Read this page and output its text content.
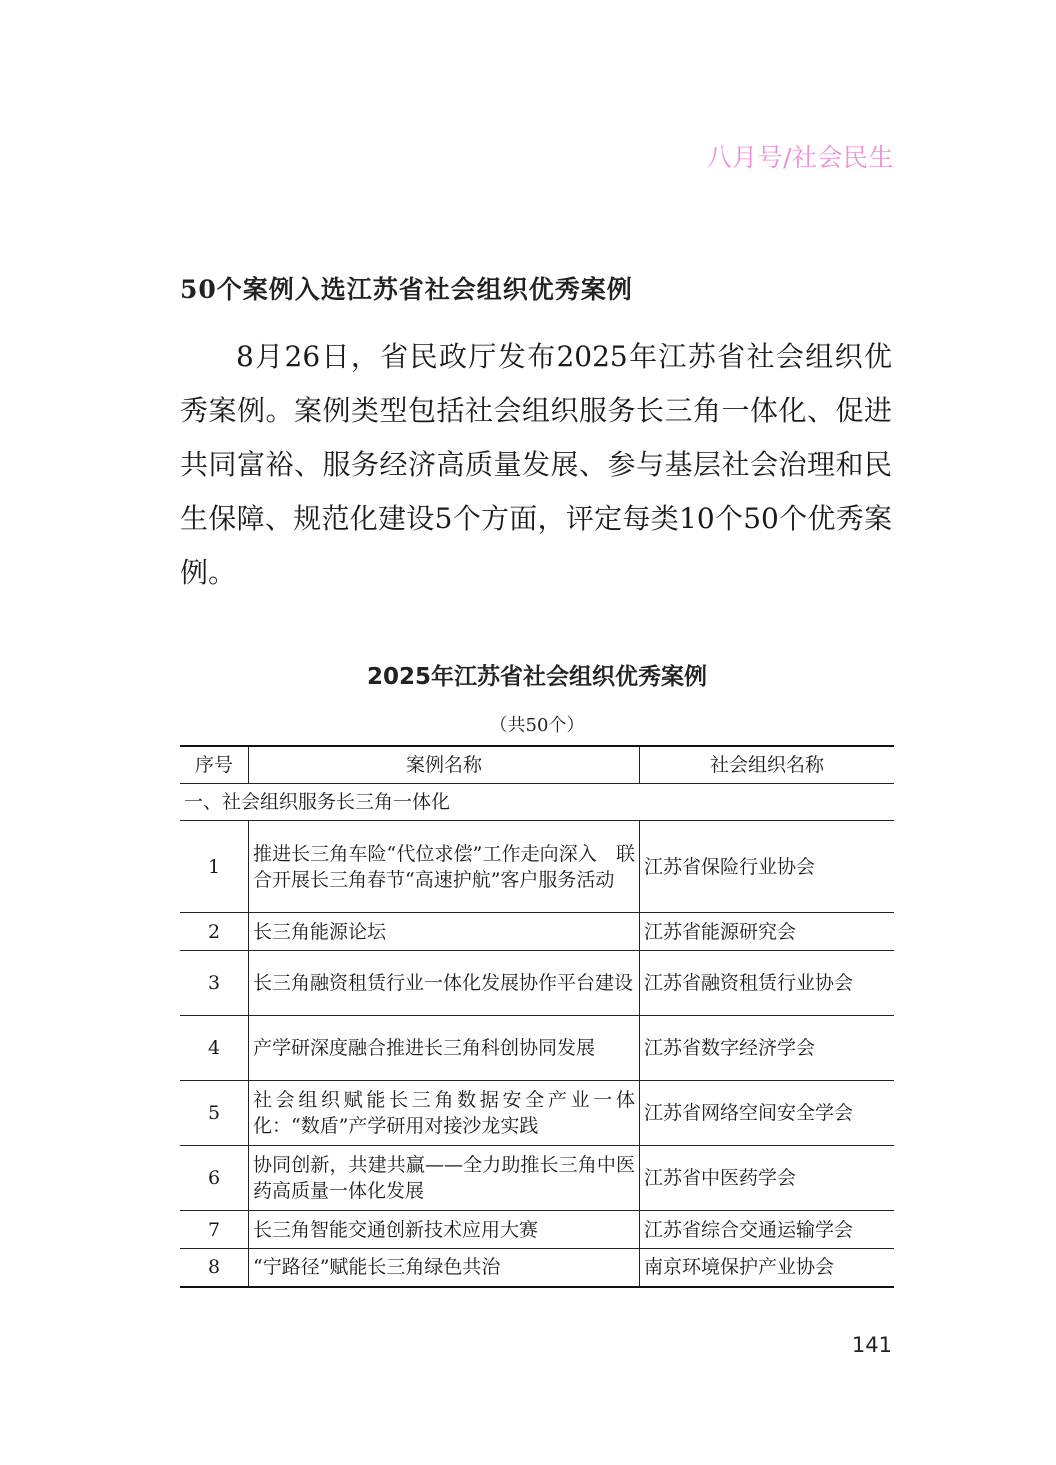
八月号/社会民生
50个案例入选江苏省社会组织优秀案例

8月26日，省民政厅发布2025年江苏省社会组织优秀案例。案例类型包括社会组织服务长三角一体化、促进共同富裕、服务经济高质量发展、参与基层社会治理和民生保障、规范化建设5个方面，评定每类10个50个优秀案例。

2025年江苏省社会组织优秀案例
（共50个）
序号	案例名称	社会组织名称
一、社会组织服务长三角一体化		
1	推进长三角车险“代位求偿”工作走向深入　联合开展长三角春节“高速护航”客户服务活动	江苏省保险行业协会
2	长三角能源论坛	江苏省能源研究会
3	长三角融资租赁行业一体化发展协作平台建设	江苏省融资租赁行业协会
4	产学研深度融合推进长三角科创协同发展	江苏省数字经济学会
5	社会组织赋能长三角数据安全产业一体化：“数盾”产学研用对接沙龙实践	江苏省网络空间安全学会
6	协同创新，共建共赢——全力助推长三角中医药高质量一体化发展	江苏省中医药学会
7	长三角智能交通创新技术应用大赛	江苏省综合交通运输学会
8	“宁路径”赋能长三角绿色共治	南京环境保护产业协会
141
